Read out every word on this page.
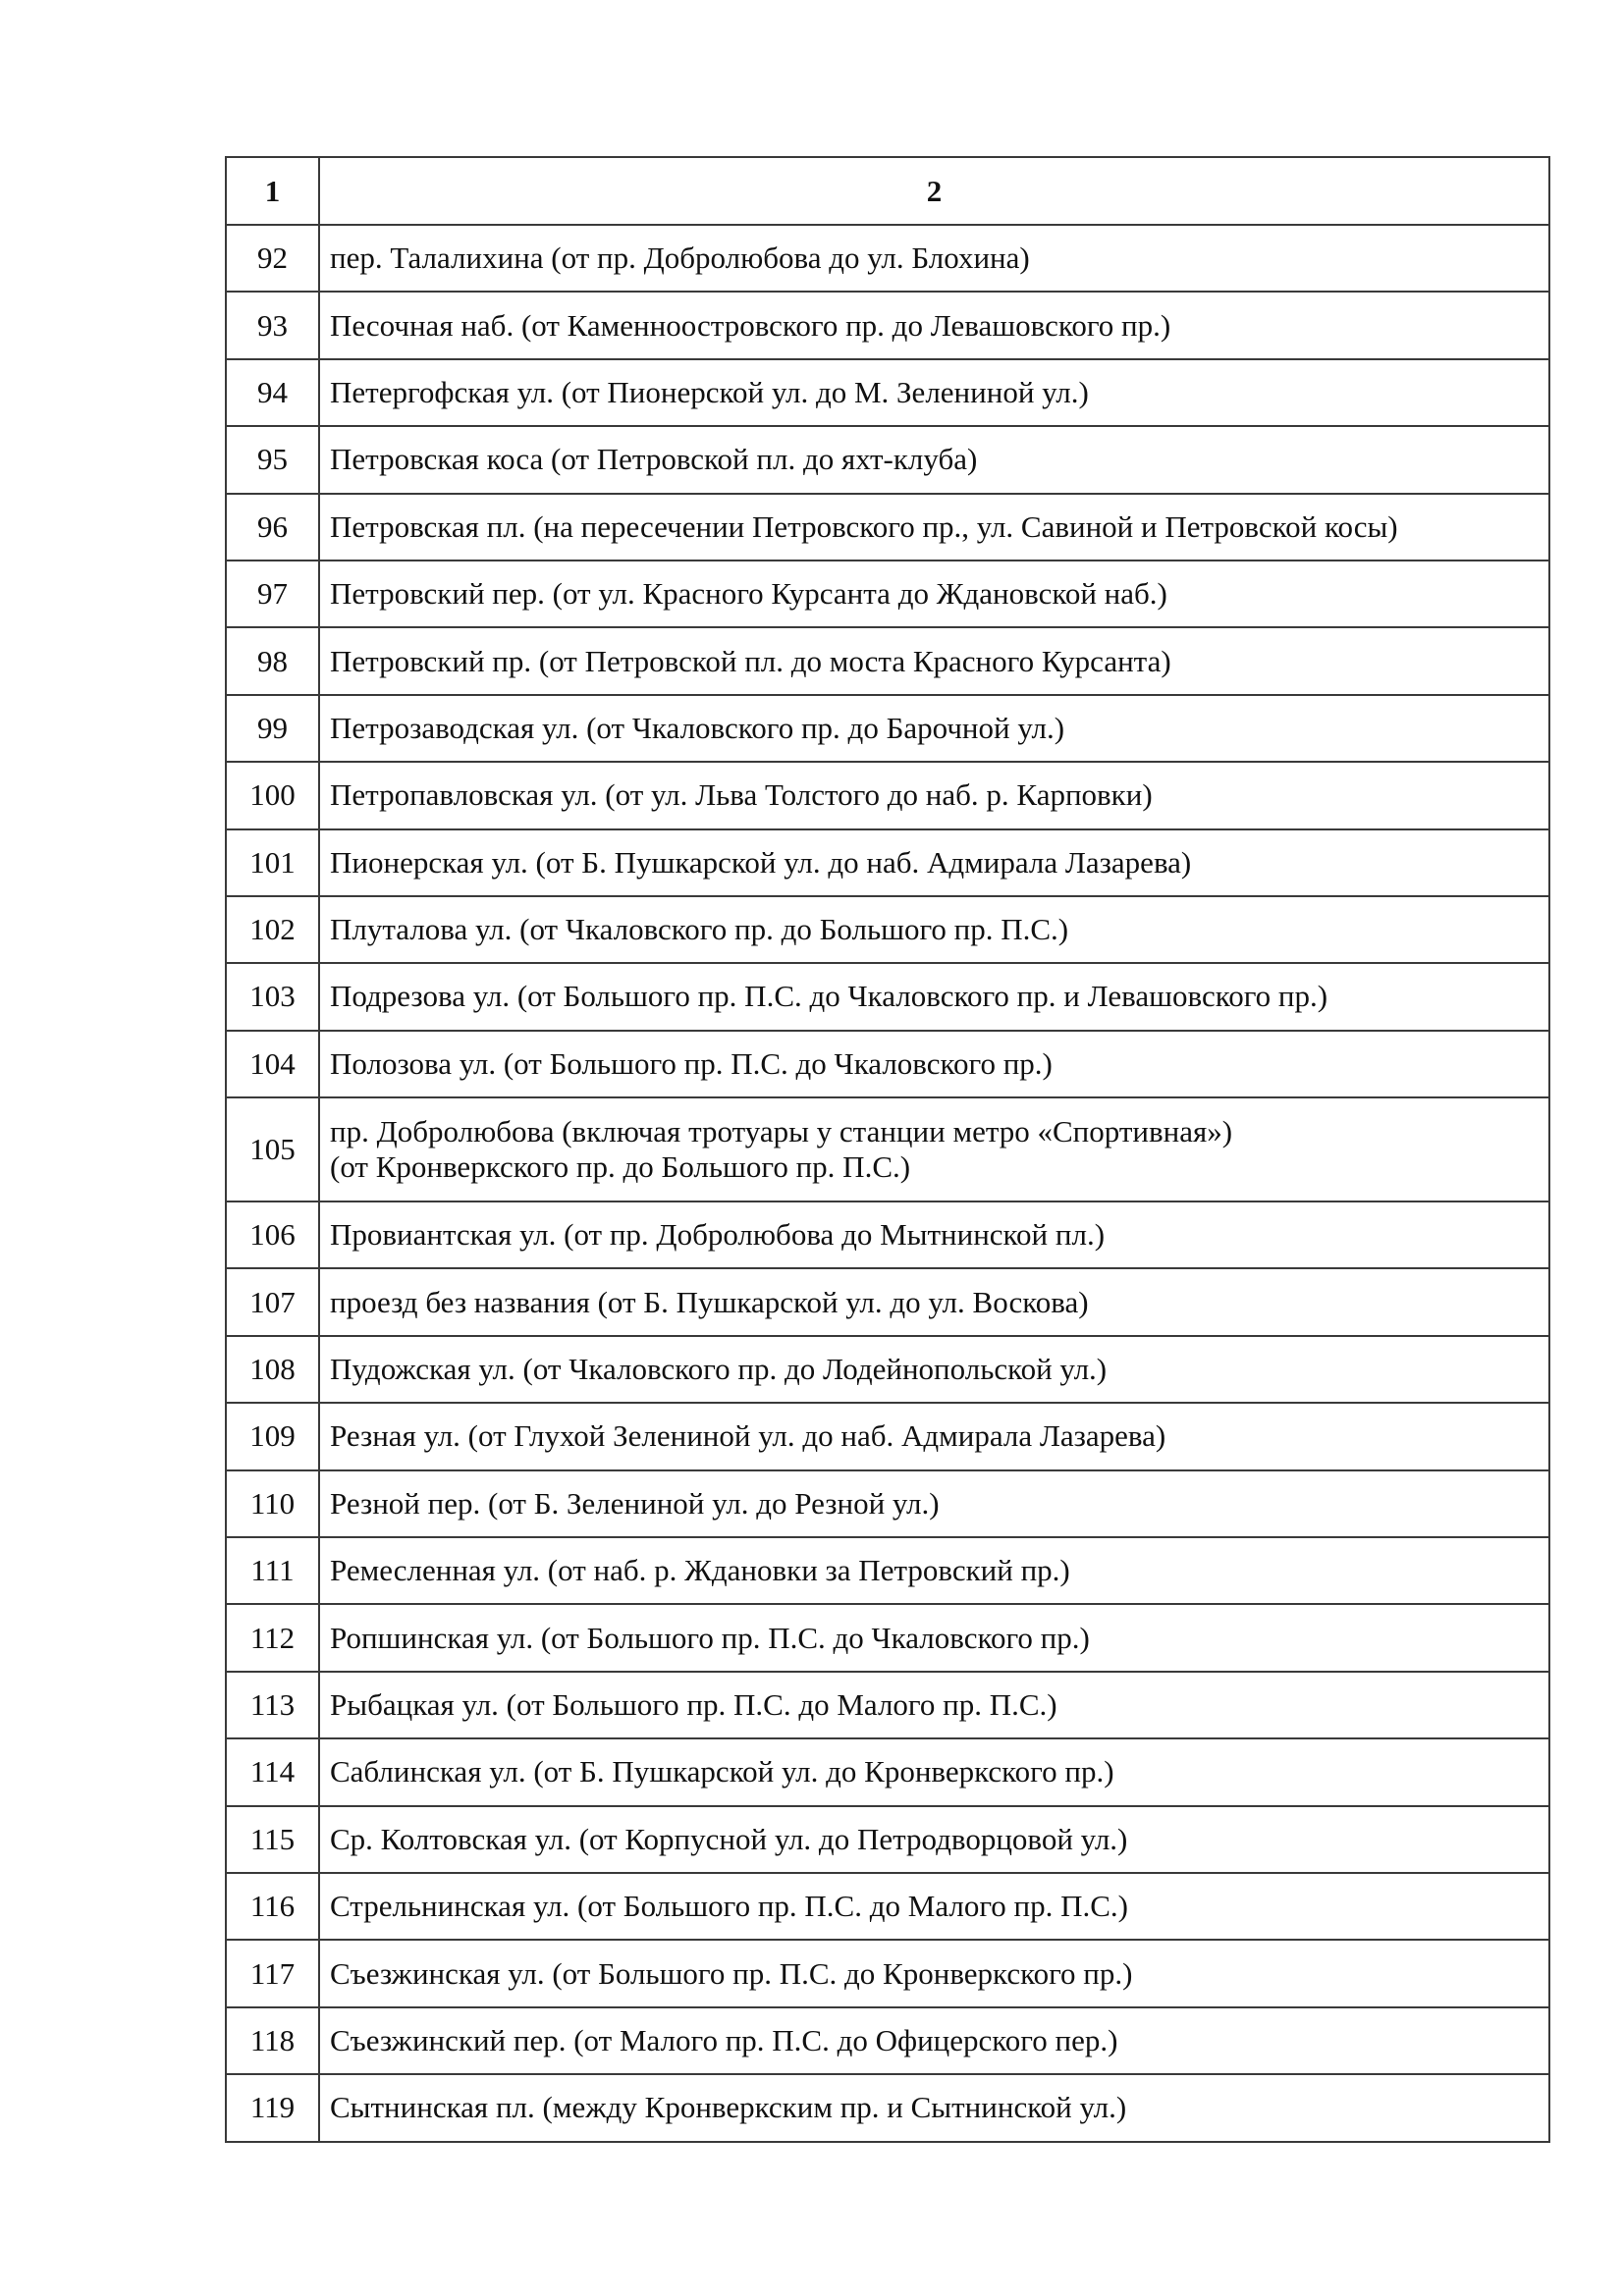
1	2
92	пер. Талалихина (от пр. Добролюбова до ул. Блохина)

93	Песочная наб. (от Каменноостровского пр. до Левашовского пр.)

94	Петергофская ул. (от Пионерской ул. до М. Зелениной ул.)

95	Петровская коса (от Петровской пл. до яхт-клуба)

96	Петровская пл. (на пересечении Петровского пр., ул. Савиной и Петровской косы)

97	Петровский пер. (от ул. Красного Курсанта до Ждановской наб.)

98	Петровский пр. (от Петровской пл. до моста Красного Курсанта)

99	Петрозаводская ул. (от Чкаловского пр. до Барочной ул.)

100	Петропавловская ул. (от ул. Льва Толстого до наб. р. Карповки)

101	Пионерская ул. (от Б. Пушкарской ул. до наб. Адмирала Лазарева)

102	Плуталова ул. (от Чкаловского пр. до Большого пр. П.С.)

103	Подрезова ул. (от Большого пр. П.С. до Чкаловского пр. и Левашовского пр.)

104	Полозова ул. (от Большого пр. П.С. до Чкаловского пр.)

105	пр. Добролюбова (включая тротуары у станции метро «Спортивная»)
(от Кронверкского пр. до Большого пр. П.С.)

106	Провиантская ул. (от пр. Добролюбова до Мытнинской пл.)

107	проезд без названия (от Б. Пушкарской ул. до ул. Воскова)

108	Пудожская ул. (от Чкаловского пр. до Лодейнопольской ул.)

109	Резная ул. (от Глухой Зелениной ул. до наб. Адмирала Лазарева)

110	Резной пер. (от Б. Зелениной ул. до Резной ул.)

111	Ремесленная ул. (от наб. р. Ждановки за Петровский пр.)

112	Ропшинская ул. (от Большого пр. П.С. до Чкаловского пр.)

113	Рыбацкая ул. (от Большого пр. П.С. до Малого пр. П.С.)

114	Саблинская ул. (от Б. Пушкарской ул. до Кронверкского пр.)

115	Ср. Колтовская ул. (от Корпусной ул. до Петродворцовой ул.)

116	Стрельнинская ул. (от Большого пр. П.С. до Малого пр. П.С.)

117	Съезжинская ул. (от Большого пр. П.С. до Кронверкского пр.)

118	Съезжинский пер. (от Малого пр. П.С. до Офицерского пер.)

119	Сытнинская пл. (между Кронверкским пр. и Сытнинской ул.)
